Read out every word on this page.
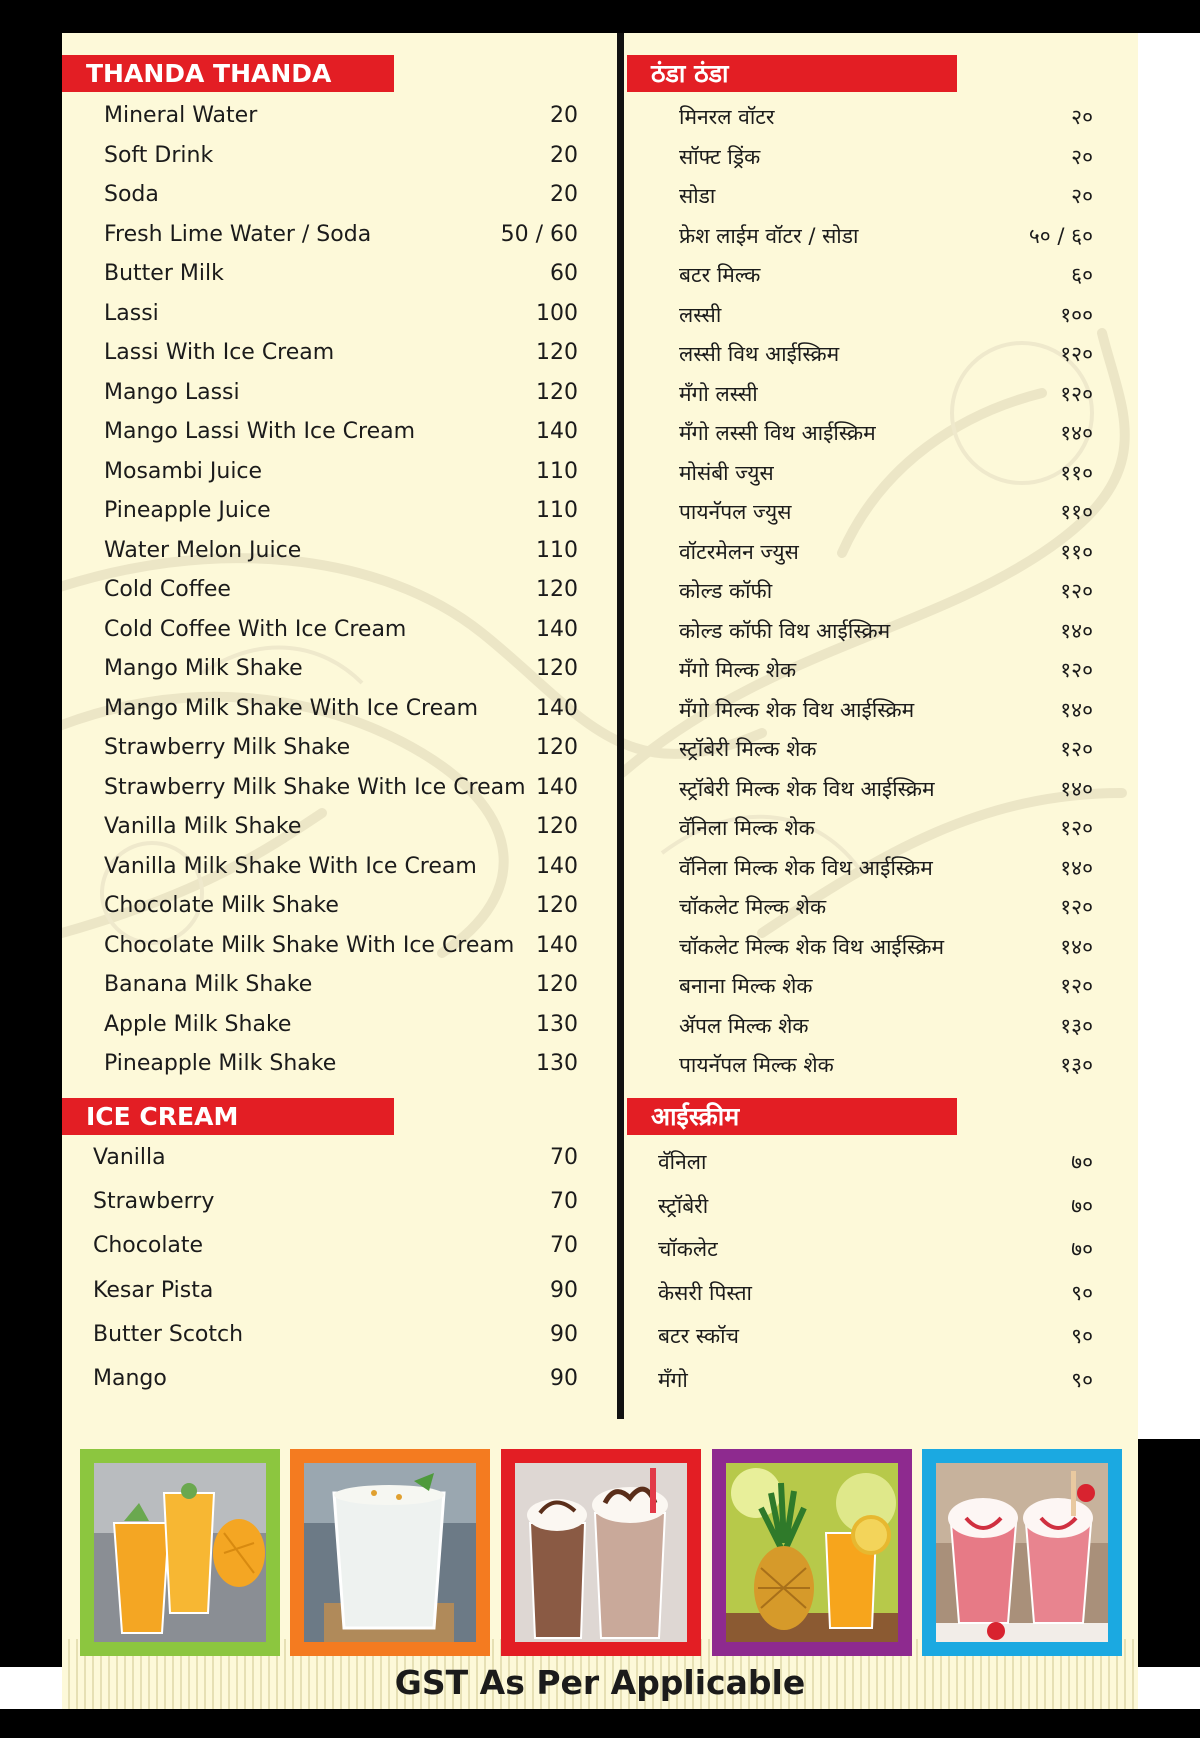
THANDA THANDA
Mineral Water	20
Soft Drink	20
Soda	20
Fresh Lime Water / Soda	50 / 60
Butter Milk	60
Lassi	100
Lassi With Ice Cream	120
Mango Lassi	120
Mango Lassi With Ice Cream	140
Mosambi Juice	110
Pineapple Juice	110
Water Melon Juice	110
Cold Coffee	120
Cold Coffee With Ice Cream	140
Mango Milk Shake	120
Mango Milk Shake With Ice Cream	140
Strawberry Milk Shake	120
Strawberry Milk Shake With Ice Cream 140
Vanilla Milk Shake	120
Vanilla Milk Shake With Ice Cream	140
Chocolate Milk Shake	120
Chocolate Milk Shake With Ice Cream 140
Banana Milk Shake	120
Apple Milk Shake	130
Pineapple Milk Shake	130
ICE CREAM
Vanilla	70
Strawberry	70
Chocolate	70
Kesar Pista	90
Butter Scotch	90
Mango	90
ठंडा ठंडा
मिनरल वॉटर	२०
सॉफ्ट ड्रिंक	२०
सोडा	२०
फ्रेश लाईम वॉटर / सोडा	५० / ६०
बटर मिल्क	६०
लस्सी	१००
लस्सी विथ आईस्क्रिम	१२०
मँगो लस्सी	१२०
मँगो लस्सी विथ आईस्क्रिम	१४०
मोसंबी ज्युस	११०
पायनॅपल ज्युस	११०
वॉटरमेलन ज्युस	११०
कोल्ड कॉफी	१२०
कोल्ड कॉफी विथ आईस्क्रिम	१४०
मँगो मिल्क शेक	१२०
मँगो मिल्क शेक विथ आईस्क्रिम	१४०
स्ट्रॉबेरी मिल्क शेक	१२०
स्ट्रॉबेरी मिल्क शेक विथ आईस्क्रिम	१४०
वॅनिला मिल्क शेक	१२०
वॅनिला मिल्क शेक विथ आईस्क्रिम	१४०
चॉकलेट मिल्क शेक	१२०
चॉकलेट मिल्क शेक विथ आईस्क्रिम	१४०
बनाना मिल्क शेक	१२०
ॲपल मिल्क शेक	१३०
पायनॅपल मिल्क शेक	१३०
आईस्क्रीम
वॅनिला	७०
स्ट्रॉबेरी	७०
चॉकलेट	७०
केसरी पिस्ता	९०
बटर स्कॉच	९०
मँगो	९०
GST As Per Applicable
